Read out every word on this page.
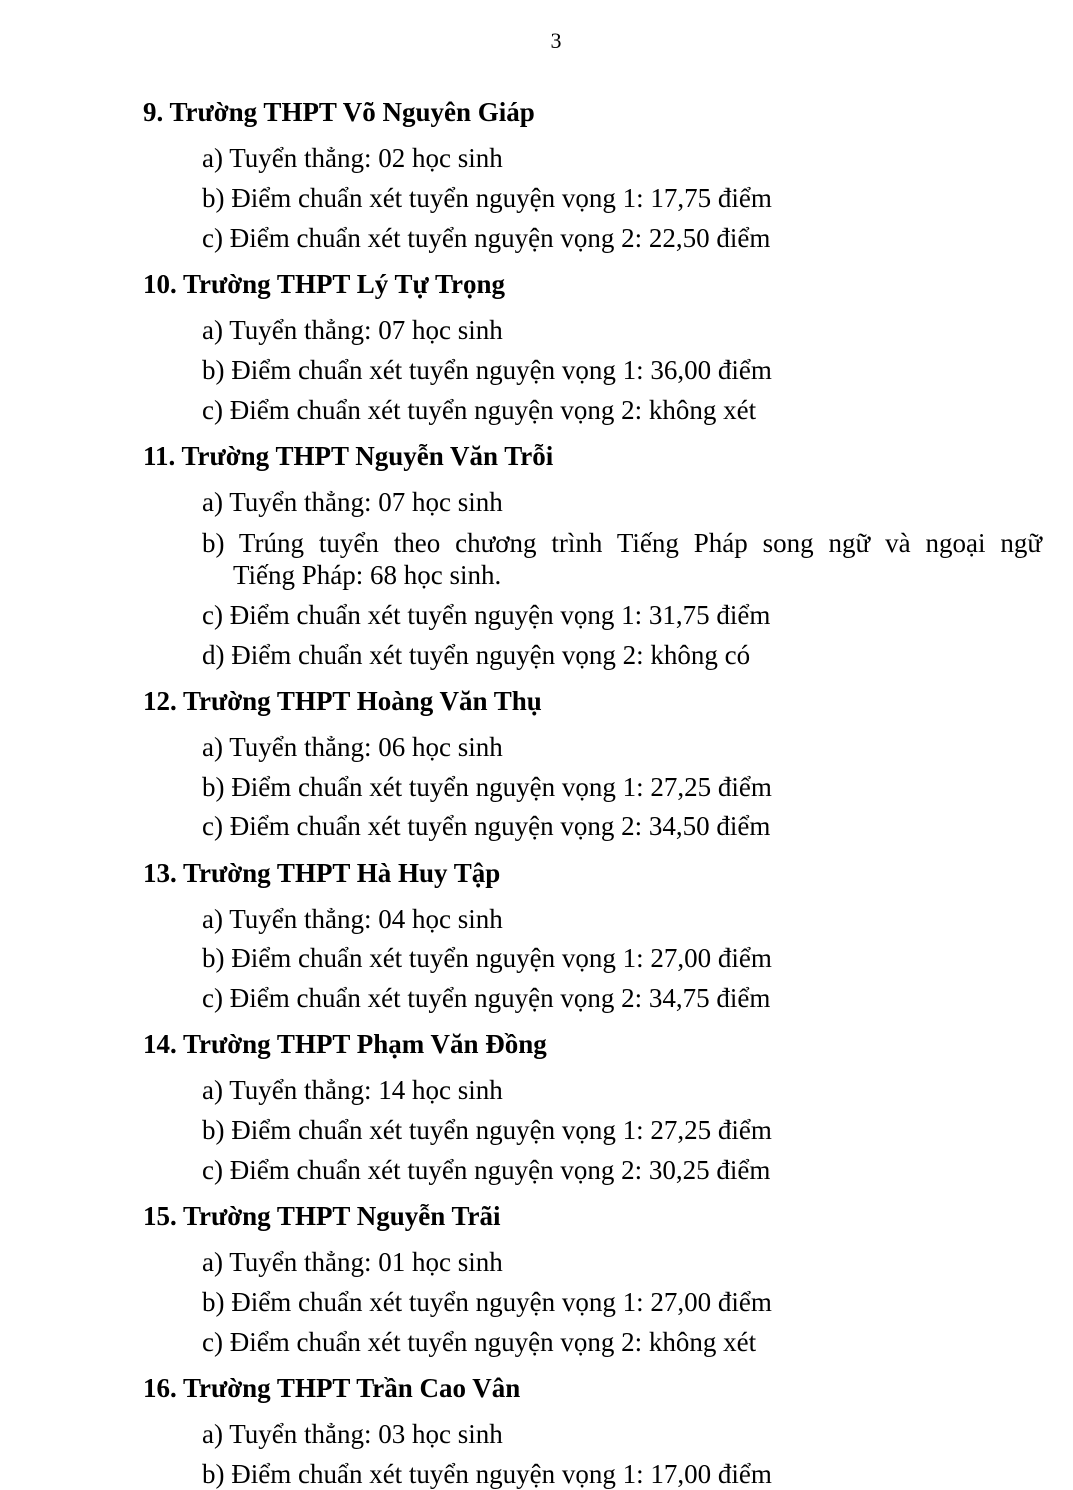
3
9. Trường THPT Võ Nguyên Giáp
a) Tuyển thẳng: 02 học sinh
b) Điểm chuẩn xét tuyển nguyện vọng 1: 17,75 điểm
c) Điểm chuẩn xét tuyển nguyện vọng 2: 22,50 điểm
10. Trường THPT Lý Tự Trọng
a) Tuyển thẳng: 07 học sinh
b) Điểm chuẩn xét tuyển nguyện vọng 1: 36,00 điểm
c) Điểm chuẩn xét tuyển nguyện vọng 2: không xét
11. Trường THPT Nguyễn Văn Trỗi
a) Tuyển thẳng: 07 học sinh
b) Trúng tuyển theo chương trình Tiếng Pháp song ngữ và ngoại ngữ
Tiếng Pháp: 68 học sinh.
c) Điểm chuẩn xét tuyển nguyện vọng 1: 31,75 điểm
d) Điểm chuẩn xét tuyển nguyện vọng 2: không có
12. Trường THPT Hoàng Văn Thụ
a) Tuyển thẳng: 06 học sinh
b) Điểm chuẩn xét tuyển nguyện vọng 1: 27,25 điểm
c) Điểm chuẩn xét tuyển nguyện vọng 2: 34,50 điểm
13. Trường THPT Hà Huy Tập
a) Tuyển thẳng: 04 học sinh
b) Điểm chuẩn xét tuyển nguyện vọng 1: 27,00 điểm
c) Điểm chuẩn xét tuyển nguyện vọng 2: 34,75 điểm
14. Trường THPT Phạm Văn Đồng
a) Tuyển thẳng: 14 học sinh
b) Điểm chuẩn xét tuyển nguyện vọng 1: 27,25 điểm
c) Điểm chuẩn xét tuyển nguyện vọng 2: 30,25 điểm
15. Trường THPT Nguyễn Trãi
a) Tuyển thẳng: 01 học sinh
b) Điểm chuẩn xét tuyển nguyện vọng 1: 27,00 điểm
c) Điểm chuẩn xét tuyển nguyện vọng 2: không xét
16. Trường THPT Trần Cao Vân
a) Tuyển thẳng: 03 học sinh
b) Điểm chuẩn xét tuyển nguyện vọng 1: 17,00 điểm
